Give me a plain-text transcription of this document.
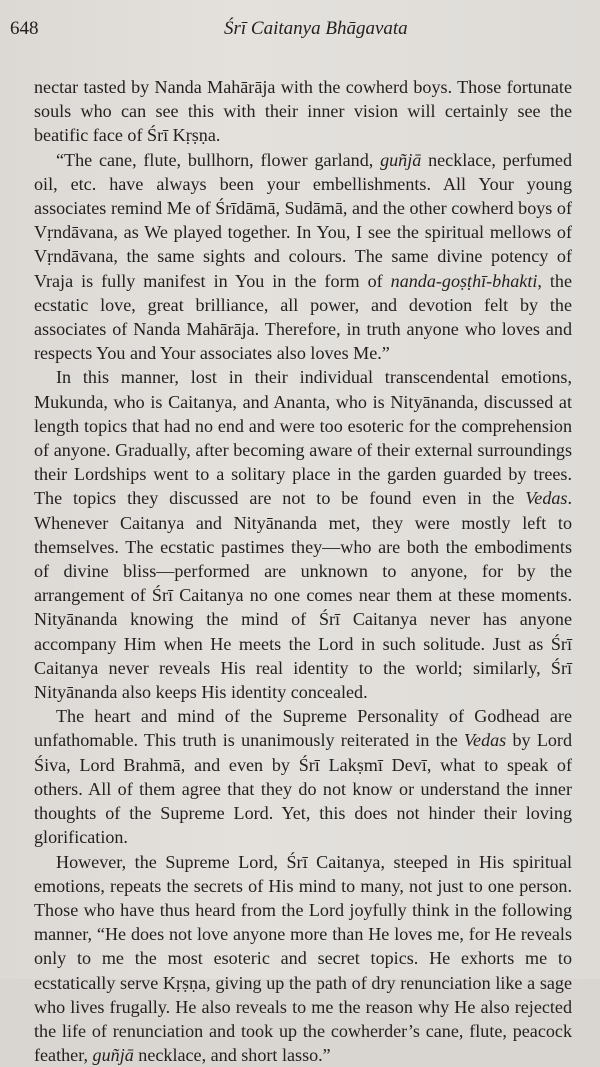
648	Śrī Caitanya Bhāgavata

nectar tasted by Nanda Mahārāja with the cowherd boys. Those fortunate souls who can see this with their inner vision will certainly see the beatific face of Śrī Kṛṣṇa.

“The cane, flute, bullhorn, flower garland, guñjā necklace, perfumed oil, etc. have always been your embellishments. All Your young associates remind Me of Śrīdāmā, Sudāmā, and the other cowherd boys of Vṛndāvana, as We played together. In You, I see the spiritual mellows of Vṛndāvana, the same sights and colours. The same divine potency of Vraja is fully manifest in You in the form of nanda-goṣṭhī-bhakti, the ecstatic love, great brilliance, all power, and devotion felt by the associates of Nanda Mahārāja. Therefore, in truth anyone who loves and respects You and Your associates also loves Me.”

In this manner, lost in their individual transcendental emotions, Mukunda, who is Caitanya, and Ananta, who is Nityānanda, discussed at length topics that had no end and were too esoteric for the comprehension of anyone. Gradually, after becoming aware of their external surroundings their Lordships went to a solitary place in the garden guarded by trees. The topics they discussed are not to be found even in the Vedas. Whenever Caitanya and Nityānanda met, they were mostly left to themselves. The ecstatic pastimes they—who are both the embodiments of divine bliss—performed are unknown to anyone, for by the arrangement of Śrī Caitanya no one comes near them at these moments. Nityānanda knowing the mind of Śrī Caitanya never has anyone accompany Him when He meets the Lord in such solitude. Just as Śrī Caitanya never reveals His real identity to the world; similarly, Śrī Nityānanda also keeps His identity concealed.

The heart and mind of the Supreme Personality of Godhead are unfathomable. This truth is unanimously reiterated in the Vedas by Lord Śiva, Lord Brahmā, and even by Śrī Lakṣmī Devī, what to speak of others. All of them agree that they do not know or understand the inner thoughts of the Supreme Lord. Yet, this does not hinder their loving glorification.

However, the Supreme Lord, Śrī Caitanya, steeped in His spiritual emotions, repeats the secrets of His mind to many, not just to one person. Those who have thus heard from the Lord joyfully think in the following manner, “He does not love anyone more than He loves me, for He reveals only to me the most esoteric and secret topics. He exhorts me to ecstatically serve Kṛṣṇa, giving up the path of dry renunciation like a sage who lives frugally. He also reveals to me the reason why He also rejected the life of renunciation and took up the cowherder’s cane, flute, peacock feather, guñjā necklace, and short lasso.”
